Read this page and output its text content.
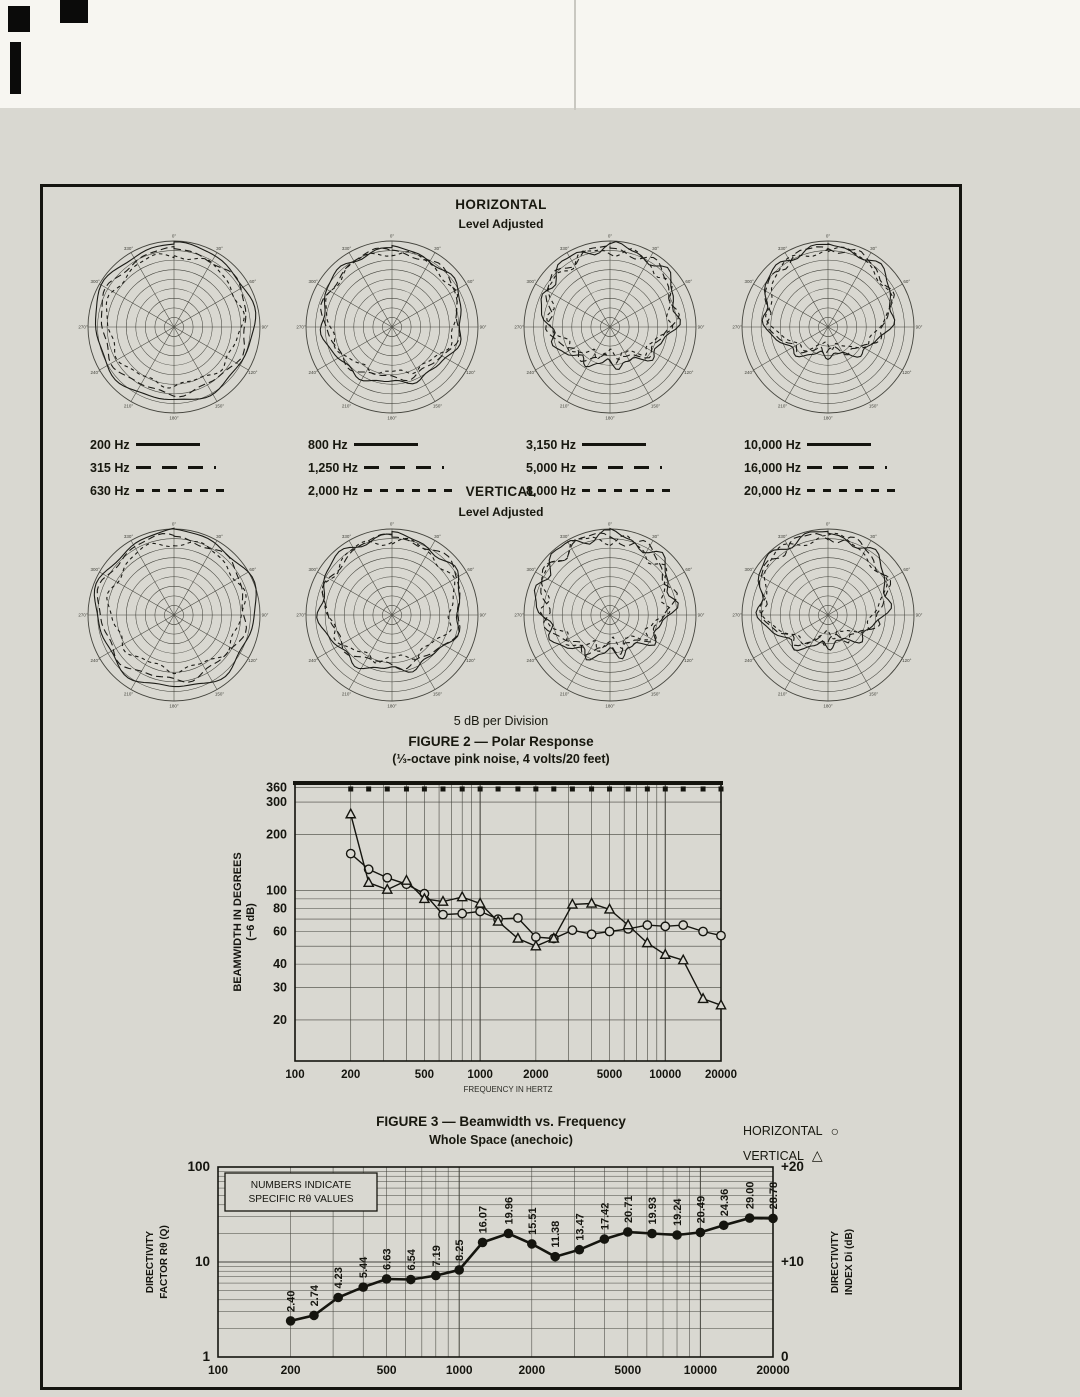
HORIZONTAL
Level Adjusted
0°
30°
60°
90°
120°
150°
180°
210°
240°
270°
300°
330°
0°
30°
60°
90°
120°
150°
180°
210°
240°
270°
300°
330°
0°
30°
60°
90°
120°
150°
180°
210°
240°
270°
300°
330°
0°
30°
60°
90°
120°
150°
180°
210°
240°
270°
300°
330°
200 Hz
315 Hz
630 Hz
800 Hz
1,250 Hz
2,000 Hz
3,150 Hz
5,000 Hz
8,000 Hz
10,000 Hz
16,000 Hz
20,000 Hz
VERTICAL
Level Adjusted
0°
30°
60°
90°
120°
150°
180°
210°
240°
270°
300°
330°
0°
30°
60°
90°
120°
150°
180°
210°
240°
270°
300°
330°
0°
30°
60°
90°
120°
150°
180°
210°
240°
270°
300°
330°
0°
30°
60°
90°
120°
150°
180°
210°
240°
270°
300°
330°
5 dB per Division
FIGURE 2 — Polar Response
(⅓-octave pink noise, 4 volts/20 feet)
360
300
200
100
80
60
40
30
20
100	200	500	1000	2000	5000 10000 20000
FREQUENCY IN HERTZ
BEAMWIDTH IN DEGREES (−6 dB)
FIGURE 3 — Beamwidth vs. Frequency
Whole Space (anechoic)
HORIZONTAL ○
VERTICAL △
NUMBERS INDICATE
SPECIFIC Rθ VALUES
100
10
1
+20
+10
0
100	200	500	1000	2000	5000	10000	20000
DIRECTIVITY FACTOR Rθ (Q)	DIRECTIVITY INDEX Di (dB)
2.40 2.74
4.23 5.44 6.63 6.54 7.19 8.25
16.07 19.96 15.51 11.38 13.47 17.42 20.71 19.93 19.24 20.49 24.36 29.00 28.78
